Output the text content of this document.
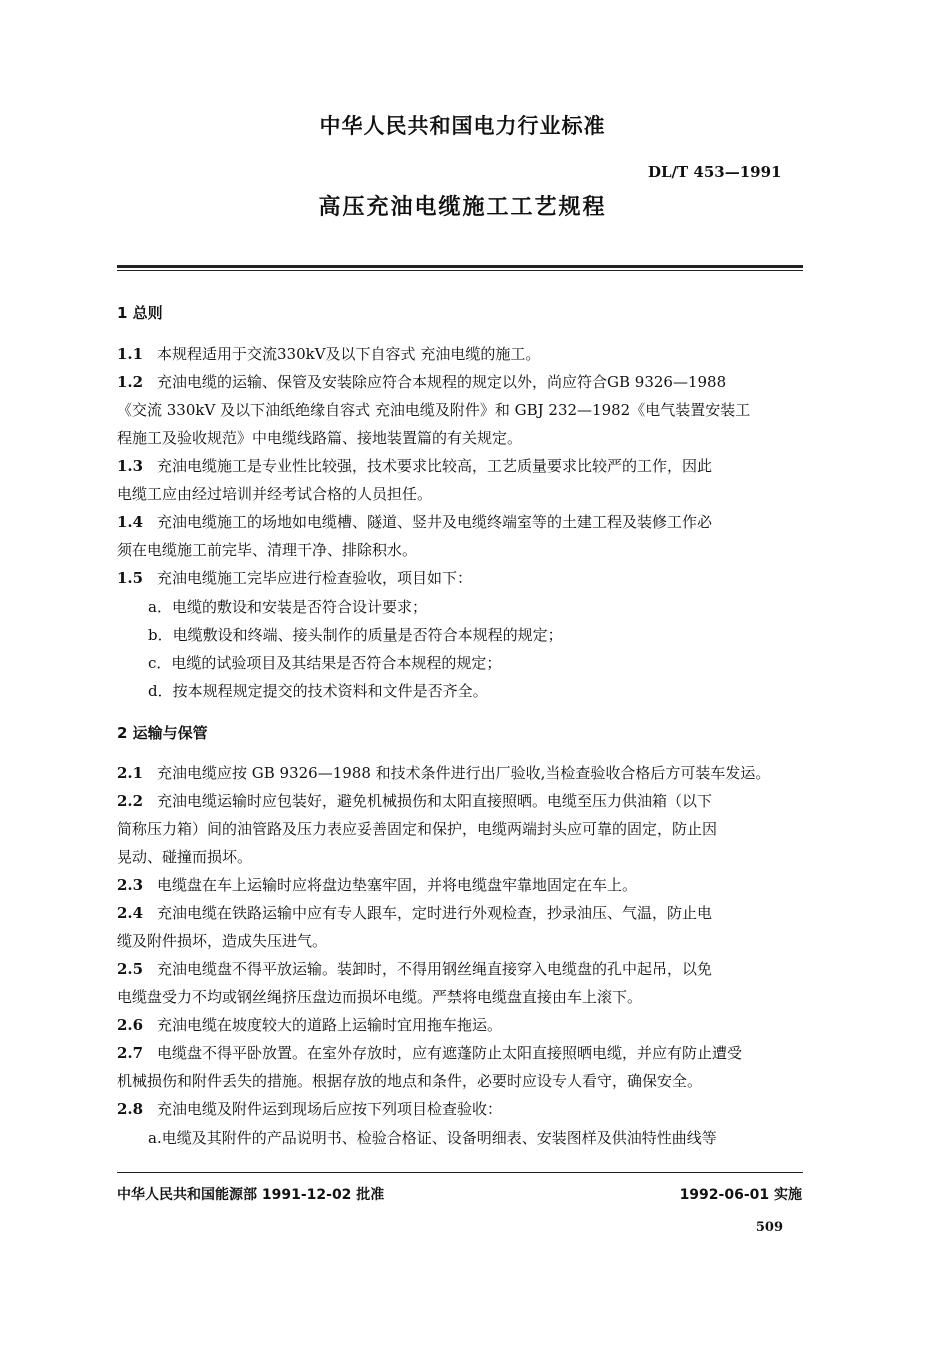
中华人民共和国电力行业标准
DL/T 453—1991
高压充油电缆施工工艺规程
1 总则
1.1 本规程适用于交流330kV及以下自容式 充油电缆的施工。
1.2 充油电缆的运输、保管及安装除应符合本规程的规定以外，尚应符合GB 9326—1988
《交流 330kV 及以下油纸绝缘自容式 充油电缆及附件》和 GBJ 232—1982《电气装置安装工
程施工及验收规范》中电缆线路篇、接地装置篇的有关规定。
1.3 充油电缆施工是专业性比较强，技术要求比较高，工艺质量要求比较严的工作，因此
电缆工应由经过培训并经考试合格的人员担任。
1.4 充油电缆施工的场地如电缆槽、隧道、竖井及电缆终端室等的土建工程及装修工作必
须在电缆施工前完毕、清理干净、排除积水。
1.5 充油电缆施工完毕应进行检查验收，项目如下：
a．电缆的敷设和安装是否符合设计要求；
b．电缆敷设和终端、接头制作的质量是否符合本规程的规定；
c．电缆的试验项目及其结果是否符合本规程的规定；
d．按本规程规定提交的技术资料和文件是否齐全。
2 运输与保管
2.1 充油电缆应按 GB 9326—1988 和技术条件进行出厂验收,当检查验收合格后方可装车发运。
2.2 充油电缆运输时应包装好，避免机械损伤和太阳直接照晒。电缆至压力供油箱（以下
简称压力箱）间的油管路及压力表应妥善固定和保护，电缆两端封头应可靠的固定，防止因
晃动、碰撞而损坏。
2.3 电缆盘在车上运输时应将盘边垫塞牢固，并将电缆盘牢靠地固定在车上。
2.4 充油电缆在铁路运输中应有专人跟车，定时进行外观检查，抄录油压、气温，防止电
缆及附件损坏，造成失压进气。
2.5 充油电缆盘不得平放运输。装卸时，不得用钢丝绳直接穿入电缆盘的孔中起吊，以免
电缆盘受力不均或钢丝绳挤压盘边而损坏电缆。严禁将电缆盘直接由车上滚下。
2.6 充油电缆在坡度较大的道路上运输时宜用拖车拖运。
2.7 电缆盘不得平卧放置。在室外存放时，应有遮蓬防止太阳直接照晒电缆，并应有防止遭受
机械损伤和附件丢失的措施。根据存放的地点和条件，必要时应设专人看守，确保安全。
2.8 充油电缆及附件运到现场后应按下列项目检查验收：
a.电缆及其附件的产品说明书、检验合格证、设备明细表、安装图样及供油特性曲线等
中华人民共和国能源部 1991-12-02 批准	1992-06-01 实施
509
